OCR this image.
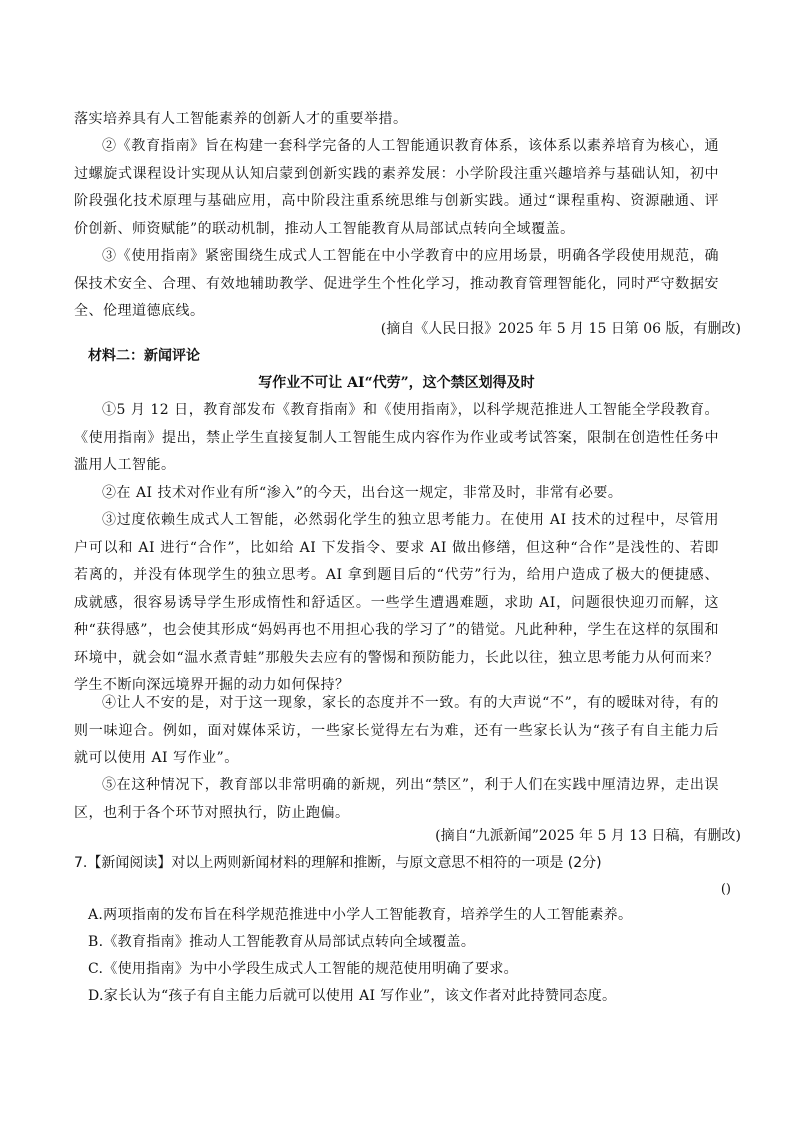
落实培养具有人工智能素养的创新人才的重要举措。

②《教育指南》旨在构建一套科学完备的人工智能通识教育体系，该体系以素养培育为核心，通过螺旋式课程设计实现从认知启蒙到创新实践的素养发展：小学阶段注重兴趣培养与基础认知，初中阶段强化技术原理与基础应用，高中阶段注重系统思维与创新实践。通过“课程重构、资源融通、评价创新、师资赋能”的联动机制，推动人工智能教育从局部试点转向全域覆盖。

③《使用指南》紧密围绕生成式人工智能在中小学教育中的应用场景，明确各学段使用规范，确保技术安全、合理、有效地辅助教学、促进学生个性化学习，推动教育管理智能化，同时严守数据安全、伦理道德底线。

(摘自《人民日报》2025 年 5 月 15 日第 06 版，有删改)

材料二：新闻评论

写作业不可让 AI“代劳”，这个禁区划得及时

①5 月 12 日，教育部发布《教育指南》和《使用指南》，以科学规范推进人工智能全学段教育。《使用指南》提出，禁止学生直接复制人工智能生成内容作为作业或考试答案，限制在创造性任务中滥用人工智能。

②在 AI 技术对作业有所“渗入”的今天，出台这一规定，非常及时，非常有必要。

③过度依赖生成式人工智能，必然弱化学生的独立思考能力。在使用 AI 技术的过程中，尽管用户可以和 AI 进行“合作”，比如给 AI 下发指令、要求 AI 做出修缮，但这种“合作”是浅性的、若即若离的，并没有体现学生的独立思考。AI 拿到题目后的“代劳”行为，给用户造成了极大的便捷感、成就感，很容易诱导学生形成惰性和舒适区。一些学生遭遇难题，求助 AI，问题很快迎刃而解，这种“获得感”，也会使其形成“妈妈再也不用担心我的学习了”的错觉。凡此种种，学生在这样的氛围和环境中，就会如“温水煮青蛙”那般失去应有的警惕和预防能力，长此以往，独立思考能力从何而来？学生不断向深远境界开掘的动力如何保持？

④让人不安的是，对于这一现象，家长的态度并不一致。有的大声说“不”，有的暧昧对待，有的则一味迎合。例如，面对媒体采访，一些家长觉得左右为难，还有一些家长认为“孩子有自主能力后就可以使用 AI 写作业”。

⑤在这种情况下，教育部以非常明确的新规，列出“禁区”，利于人们在实践中厘清边界，走出误区，也利于各个环节对照执行，防止跑偏。

(摘自“九派新闻”2025 年 5 月 13 日稿，有删改)

7.【新闻阅读】对以上两则新闻材料的理解和推断，与原文意思不相符的一项是 (2分)

()

A.两项指南的发布旨在科学规范推进中小学人工智能教育，培养学生的人工智能素养。

B.《教育指南》推动人工智能教育从局部试点转向全域覆盖。

C.《使用指南》为中小学段生成式人工智能的规范使用明确了要求。

D.家长认为“孩子有自主能力后就可以使用 AI 写作业”，该文作者对此持赞同态度。
